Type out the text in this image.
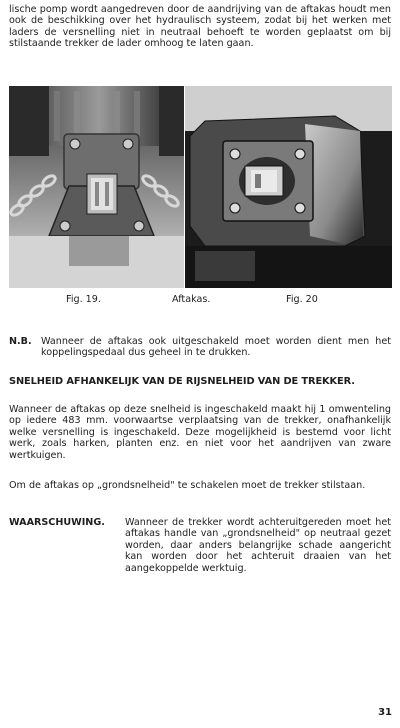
lische pomp wordt aangedreven door de aandrijving van de aftakas houdt men ook de beschikking over het hydraulisch systeem, zodat bij het werken met laders de versnelling niet in neutraal behoeft te worden geplaatst om bij stilstaande trekker de lader omhoog te laten gaan.
Fig. 19.	Aftakas.	Fig. 20
N.B. Wanneer de aftakas ook uitgeschakeld moet worden dient men het koppelingspedaal dus geheel in te drukken.
SNELHEID AFHANKELIJK VAN DE RIJSNELHEID VAN DE TREKKER.
Wanneer de aftakas op deze snelheid is ingeschakeld maakt hij 1 omwenteling op iedere 483 mm. voorwaartse verplaatsing van de trekker, onafhankelijk welke versnelling is ingeschakeld. Deze mogelijkheid is bestemd voor licht werk, zoals harken, planten enz. en niet voor het aandrijven van zware wertkuigen.
Om de aftakas op „grondsnelheid" te schakelen moet de trekker stilstaan.
WAARSCHUWING. Wanneer de trekker wordt achteruitgereden moet het aftakas handle van „grondsnelheid" op neutraal gezet worden, daar anders belangrijke schade aangericht kan worden door het achteruit draaien van het aangekoppelde werktuig.
31
